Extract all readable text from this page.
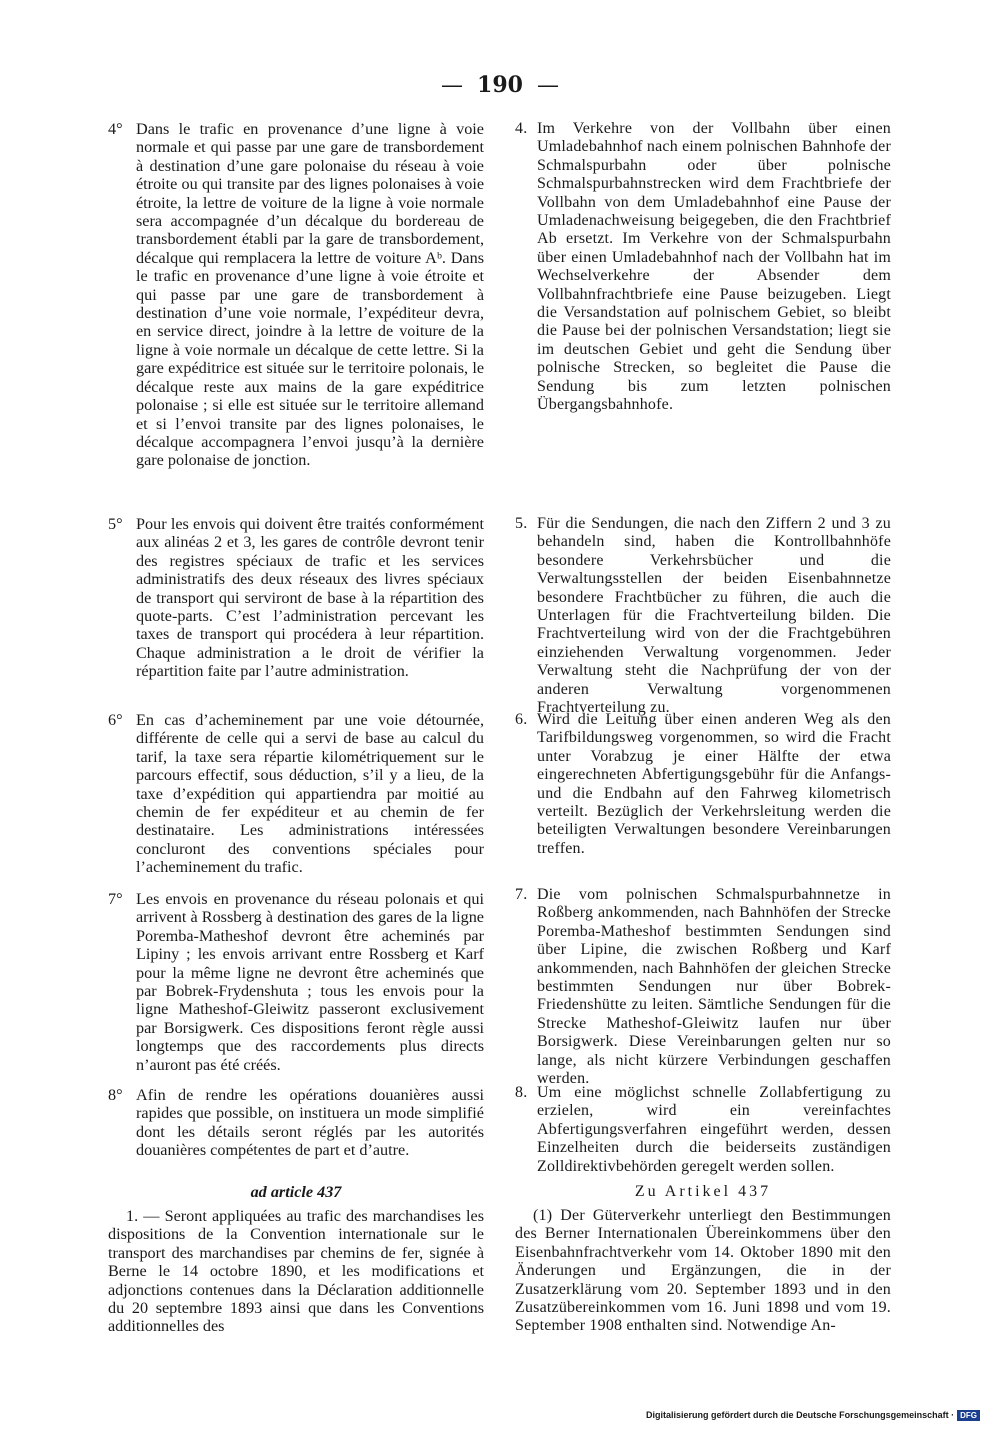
— 190 —
4° Dans le trafic en provenance d’une ligne à voie normale et qui passe par une gare de transbordement à destination d’une gare polonaise du réseau à voie étroite ou qui transite par des lignes polonaises à voie étroite, la lettre de voiture de la ligne à voie normale sera accompagnée d’un décalque du bordereau de transbordement établi par la gare de transbordement, décalque qui remplacera la lettre de voiture Aᵇ. Dans le trafic en provenance d’une ligne à voie étroite et qui passe par une gare de transbordement à destination d’une voie normale, l’expéditeur devra, en service direct, joindre à la lettre de voiture de la ligne à voie normale un décalque de cette lettre. Si la gare expéditrice est située sur le territoire polonais, le décalque reste aux mains de la gare expéditrice polonaise ; si elle est située sur le territoire allemand et si l’envoi transite par des lignes polonaises, le décalque accompagnera l’envoi jusqu’à la dernière gare polonaise de jonction.
5° Pour les envois qui doivent être traités conformément aux alinéas 2 et 3, les gares de contrôle devront tenir des registres spéciaux de trafic et les services administratifs des deux réseaux des livres spéciaux de transport qui serviront de base à la répartition des quote-parts. C’est l’administration percevant les taxes de transport qui procédera à leur répartition. Chaque administration a le droit de vérifier la répartition faite par l’autre administration.
6° En cas d’acheminement par une voie détournée, différente de celle qui a servi de base au calcul du tarif, la taxe sera répartie kilométriquement sur le parcours effectif, sous déduction, s’il y a lieu, de la taxe d’expédition qui appartiendra par moitié au chemin de fer expéditeur et au chemin de fer destinataire. Les administrations intéressées concluront des conventions spéciales pour l’acheminement du trafic.
7° Les envois en provenance du réseau polonais et qui arrivent à Rossberg à destination des gares de la ligne Poremba-Matheshof devront être acheminés par Lipiny ; les envois arrivant entre Rossberg et Karf pour la même ligne ne devront être acheminés que par Bobrek-Frydenshuta ; tous les envois pour la ligne Matheshof-Gleiwitz passeront exclusivement par Borsigwerk. Ces dispositions feront règle aussi longtemps que des raccordements plus directs n’auront pas été créés.
8° Afin de rendre les opérations douanières aussi rapides que possible, on instituera un mode simplifié dont les détails seront réglés par les autorités douanières compétentes de part et d’autre.
ad article 437
1. — Seront appliquées au trafic des marchandises les dispositions de la Convention internationale sur le transport des marchandises par chemins de fer, signée à Berne le 14 octobre 1890, et les modifications et adjonctions contenues dans la Déclaration additionnelle du 20 septembre 1893 ainsi que dans les Conventions additionnelles des
4. Im Verkehre von der Vollbahn über einen Umladebahnhof nach einem polnischen Bahnhofe der Schmalspurbahn oder über polnische Schmalspurbahnstrecken wird dem Frachtbriefe der Vollbahn von dem Umladebahnhof eine Pause der Umladenachweisung beigegeben, die den Frachtbrief Ab ersetzt. Im Verkehre von der Schmalspurbahn über einen Umladebahnhof nach der Vollbahn hat im Wechselverkehre der Absender dem Vollbahnfrachtbriefe eine Pause beizugeben. Liegt die Versandstation auf polnischem Gebiet, so bleibt die Pause bei der polnischen Versandstation; liegt sie im deutschen Gebiet und geht die Sendung über polnische Strecken, so begleitet die Pause die Sendung bis zum letzten polnischen Übergangsbahnhofe.
5. Für die Sendungen, die nach den Ziffern 2 und 3 zu behandeln sind, haben die Kontrollbahnhöfe besondere Verkehrsbücher und die Verwaltungsstellen der beiden Eisenbahnnetze besondere Frachtbücher zu führen, die auch die Unterlagen für die Frachtverteilung bilden. Die Frachtverteilung wird von der die Frachtgebühren einziehenden Verwaltung vorgenommen. Jeder Verwaltung steht die Nachprüfung der von der anderen Verwaltung vorgenommenen Frachtverteilung zu.
6. Wird die Leitung über einen anderen Weg als den Tarifbildungsweg vorgenommen, so wird die Fracht unter Vorabzug je einer Hälfte der etwa eingerechneten Abfertigungsgebühr für die Anfangs- und die Endbahn auf den Fahrweg kilometrisch verteilt. Bezüglich der Verkehrsleitung werden die beteiligten Verwaltungen besondere Vereinbarungen treffen.
7. Die vom polnischen Schmalspurbahnnetze in Roßberg ankommenden, nach Bahnhöfen der Strecke Poremba-Matheshof bestimmten Sendungen sind über Lipine, die zwischen Roßberg und Karf ankommenden, nach Bahnhöfen der gleichen Strecke bestimmten Sendungen nur über Bobrek-Friedenshütte zu leiten. Sämtliche Sendungen für die Strecke Matheshof-Gleiwitz laufen nur über Borsigwerk. Diese Vereinbarungen gelten nur so lange, als nicht kürzere Verbindungen geschaffen werden.
8. Um eine möglichst schnelle Zollabfertigung zu erzielen, wird ein vereinfachtes Abfertigungsverfahren eingeführt werden, dessen Einzelheiten durch die beiderseits zuständigen Zolldirektivbehörden geregelt werden sollen.
Zu Artikel 437
(1) Der Güterverkehr unterliegt den Bestimmungen des Berner Internationalen Übereinkommens über den Eisenbahnfrachtverkehr vom 14. Oktober 1890 mit den Änderungen und Ergänzungen, die in der Zusatzerklärung vom 20. September 1893 und in den Zusatzübereinkommen vom 16. Juni 1898 und vom 19. September 1908 enthalten sind. Notwendige An-
Digitalisierung gefördert durch die Deutsche Forschungsgemeinschaft · DFG
